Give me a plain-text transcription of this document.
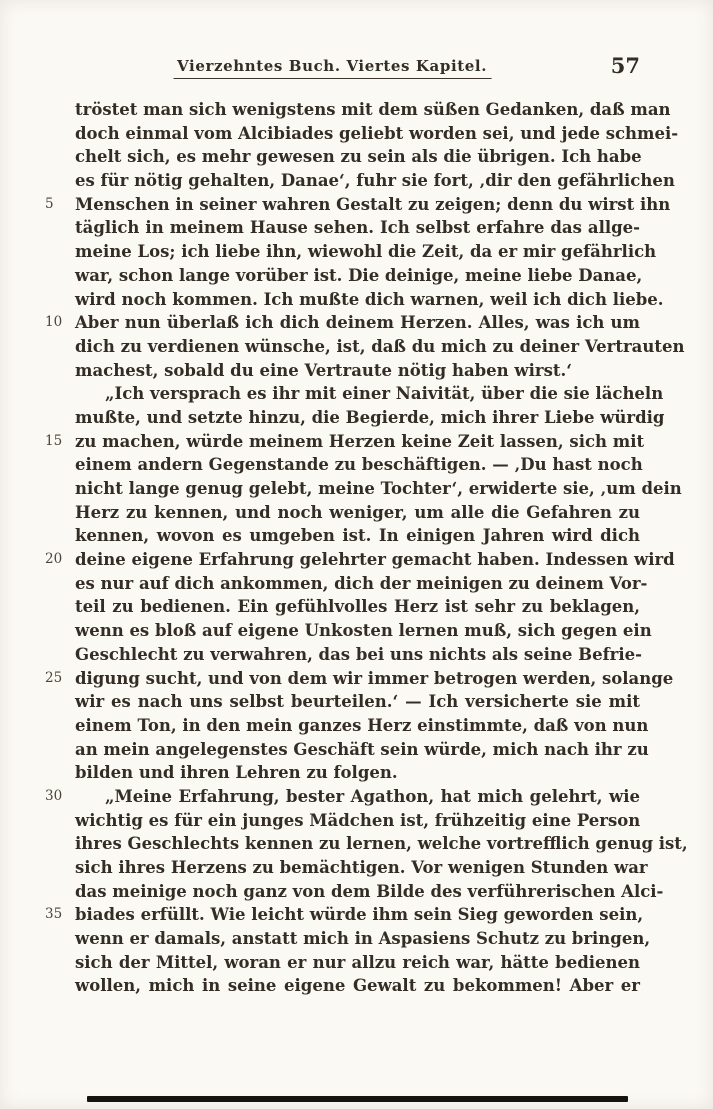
Vierzehntes Buch. Viertes Kapitel.	57
tröstet man sich wenigstens mit dem süßen Gedanken, daß man
doch einmal vom Alcibiades geliebt worden sei, und jede schmei-
chelt sich, es mehr gewesen zu sein als die übrigen. Ich habe
es für nötig gehalten, Danae‘, fuhr sie fort, ‚dir den gefährlichen
5	Menschen in seiner wahren Gestalt zu zeigen; denn du wirst ihn
täglich in meinem Hause sehen. Ich selbst erfahre das allge-
meine Los; ich liebe ihn, wiewohl die Zeit, da er mir gefährlich
war, schon lange vorüber ist. Die deinige, meine liebe Danae,
wird noch kommen. Ich mußte dich warnen, weil ich dich liebe.
10 Aber nun überlaß ich dich deinem Herzen. Alles, was ich um
dich zu verdienen wünsche, ist, daß du mich zu deiner Vertrauten
machest, sobald du eine Vertraute nötig haben wirst.‘
„Ich versprach es ihr mit einer Naivität, über die sie lächeln
mußte, und setzte hinzu, die Begierde, mich ihrer Liebe würdig
15 zu machen, würde meinem Herzen keine Zeit lassen, sich mit
einem andern Gegenstande zu beschäftigen. — ‚Du hast noch
nicht lange genug gelebt, meine Tochter‘, erwiderte sie, ‚um dein
Herz zu kennen, und noch weniger, um alle die Gefahren zu
kennen, wovon es umgeben ist. In einigen Jahren wird dich
20 deine eigene Erfahrung gelehrter gemacht haben. Indessen wird
es nur auf dich ankommen, dich der meinigen zu deinem Vor-
teil zu bedienen. Ein gefühlvolles Herz ist sehr zu beklagen,
wenn es bloß auf eigene Unkosten lernen muß, sich gegen ein
Geschlecht zu verwahren, das bei uns nichts als seine Befrie-
25 digung sucht, und von dem wir immer betrogen werden, solange
wir es nach uns selbst beurteilen.‘ — Ich versicherte sie mit
einem Ton, in den mein ganzes Herz einstimmte, daß von nun
an mein angelegenstes Geschäft sein würde, mich nach ihr zu
bilden und ihren Lehren zu folgen.
30	„Meine Erfahrung, bester Agathon, hat mich gelehrt, wie
wichtig es für ein junges Mädchen ist, frühzeitig eine Person
ihres Geschlechts kennen zu lernen, welche vortrefflich genug ist,
sich ihres Herzens zu bemächtigen. Vor wenigen Stunden war
das meinige noch ganz von dem Bilde des verführerischen Alci-
35 biades erfüllt. Wie leicht würde ihm sein Sieg geworden sein,
wenn er damals, anstatt mich in Aspasiens Schutz zu bringen,
sich der Mittel, woran er nur allzu reich war, hätte bedienen
wollen, mich in seine eigene Gewalt zu bekommen! Aber er
